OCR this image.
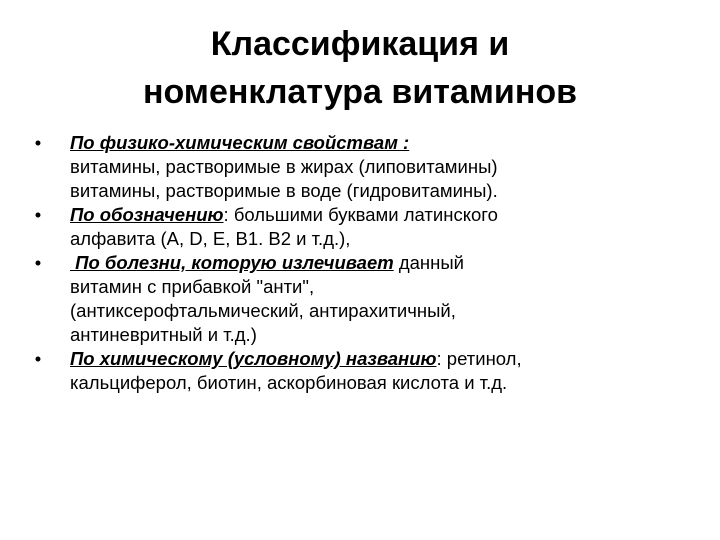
Классификация и
номенклатура витаминов
• По физико-химическим свойствам :
витамины, растворимые в жирах (липовитамины)
витамины, растворимые в воде (гидровитамины).
• По обозначению: большими буквами латинского
алфавита (А, D, Е, В1. В2 и т.д.),
• По болезни, которую излечивает данный
витамин с прибавкой "анти",
(антиксерофтальмический, антирахитичный,
антиневритный и т.д.)
• По химическому (условному) названию: ретинол,
кальциферол, биотин, аскорбиновая кислота и т.д.
